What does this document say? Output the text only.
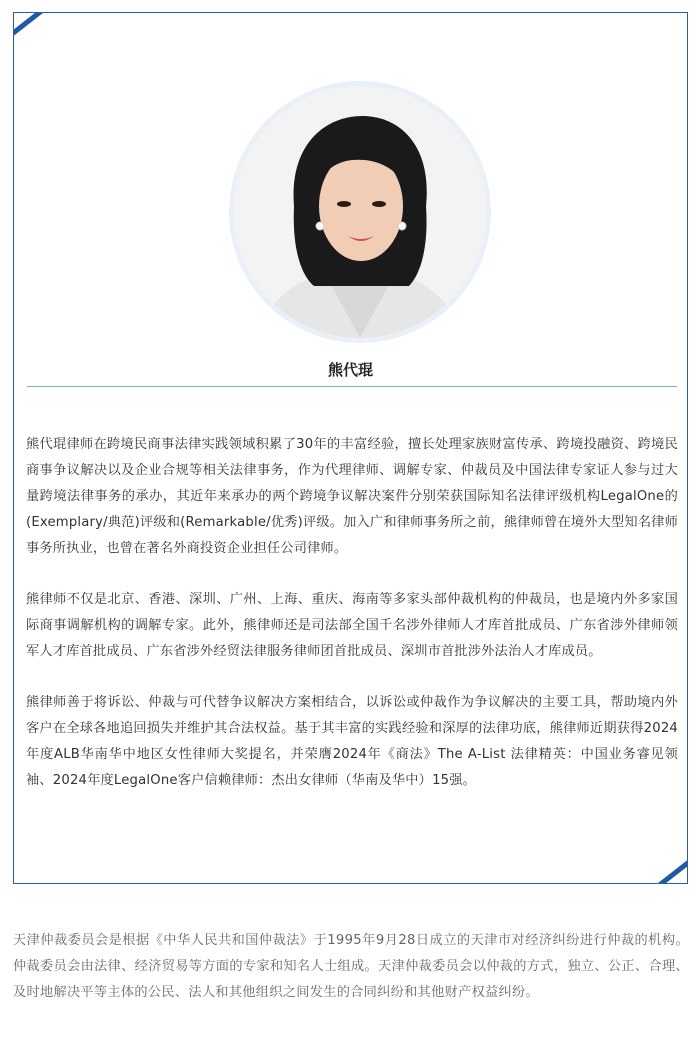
熊代琨

熊代琨律师在跨境民商事法律实践领域积累了30年的丰富经验，擅长处理家族财富传承、跨境投融资、跨境民商事争议解决以及企业合规等相关法律事务，作为代理律师、调解专家、仲裁员及中国法律专家证人参与过大量跨境法律事务的承办，其近年来承办的两个跨境争议解决案件分别荣获国际知名法律评级机构LegalOne的(Exemplary/典范)评级和(Remarkable/优秀)评级。加入广和律师事务所之前，熊律师曾在境外大型知名律师事务所执业，也曾在著名外商投资企业担任公司律师。

熊律师不仅是北京、香港、深圳、广州、上海、重庆、海南等多家头部仲裁机构的仲裁员，也是境内外多家国际商事调解机构的调解专家。此外，熊律师还是司法部全国千名涉外律师人才库首批成员、广东省涉外律师领军人才库首批成员、广东省涉外经贸法律服务律师团首批成员、深圳市首批涉外法治人才库成员。

熊律师善于将诉讼、仲裁与可代替争议解决方案相结合，以诉讼或仲裁作为争议解决的主要工具，帮助境内外客户在全球各地追回损失并维护其合法权益。基于其丰富的实践经验和深厚的法律功底，熊律师近期获得2024年度ALB华南华中地区女性律师大奖提名，并荣膺2024年《商法》The A-List 法律精英：中国业务睿见领袖、2024年度LegalOne客户信赖律师：杰出女律师（华南及华中）15强。

天津仲裁委员会是根据《中华人民共和国仲裁法》于1995年9月28日成立的天津市对经济纠纷进行仲裁的机构。仲裁委员会由法律、经济贸易等方面的专家和知名人士组成。天津仲裁委员会以仲裁的方式，独立、公正、合理、及时地解决平等主体的公民、法人和其他组织之间发生的合同纠纷和其他财产权益纠纷。
